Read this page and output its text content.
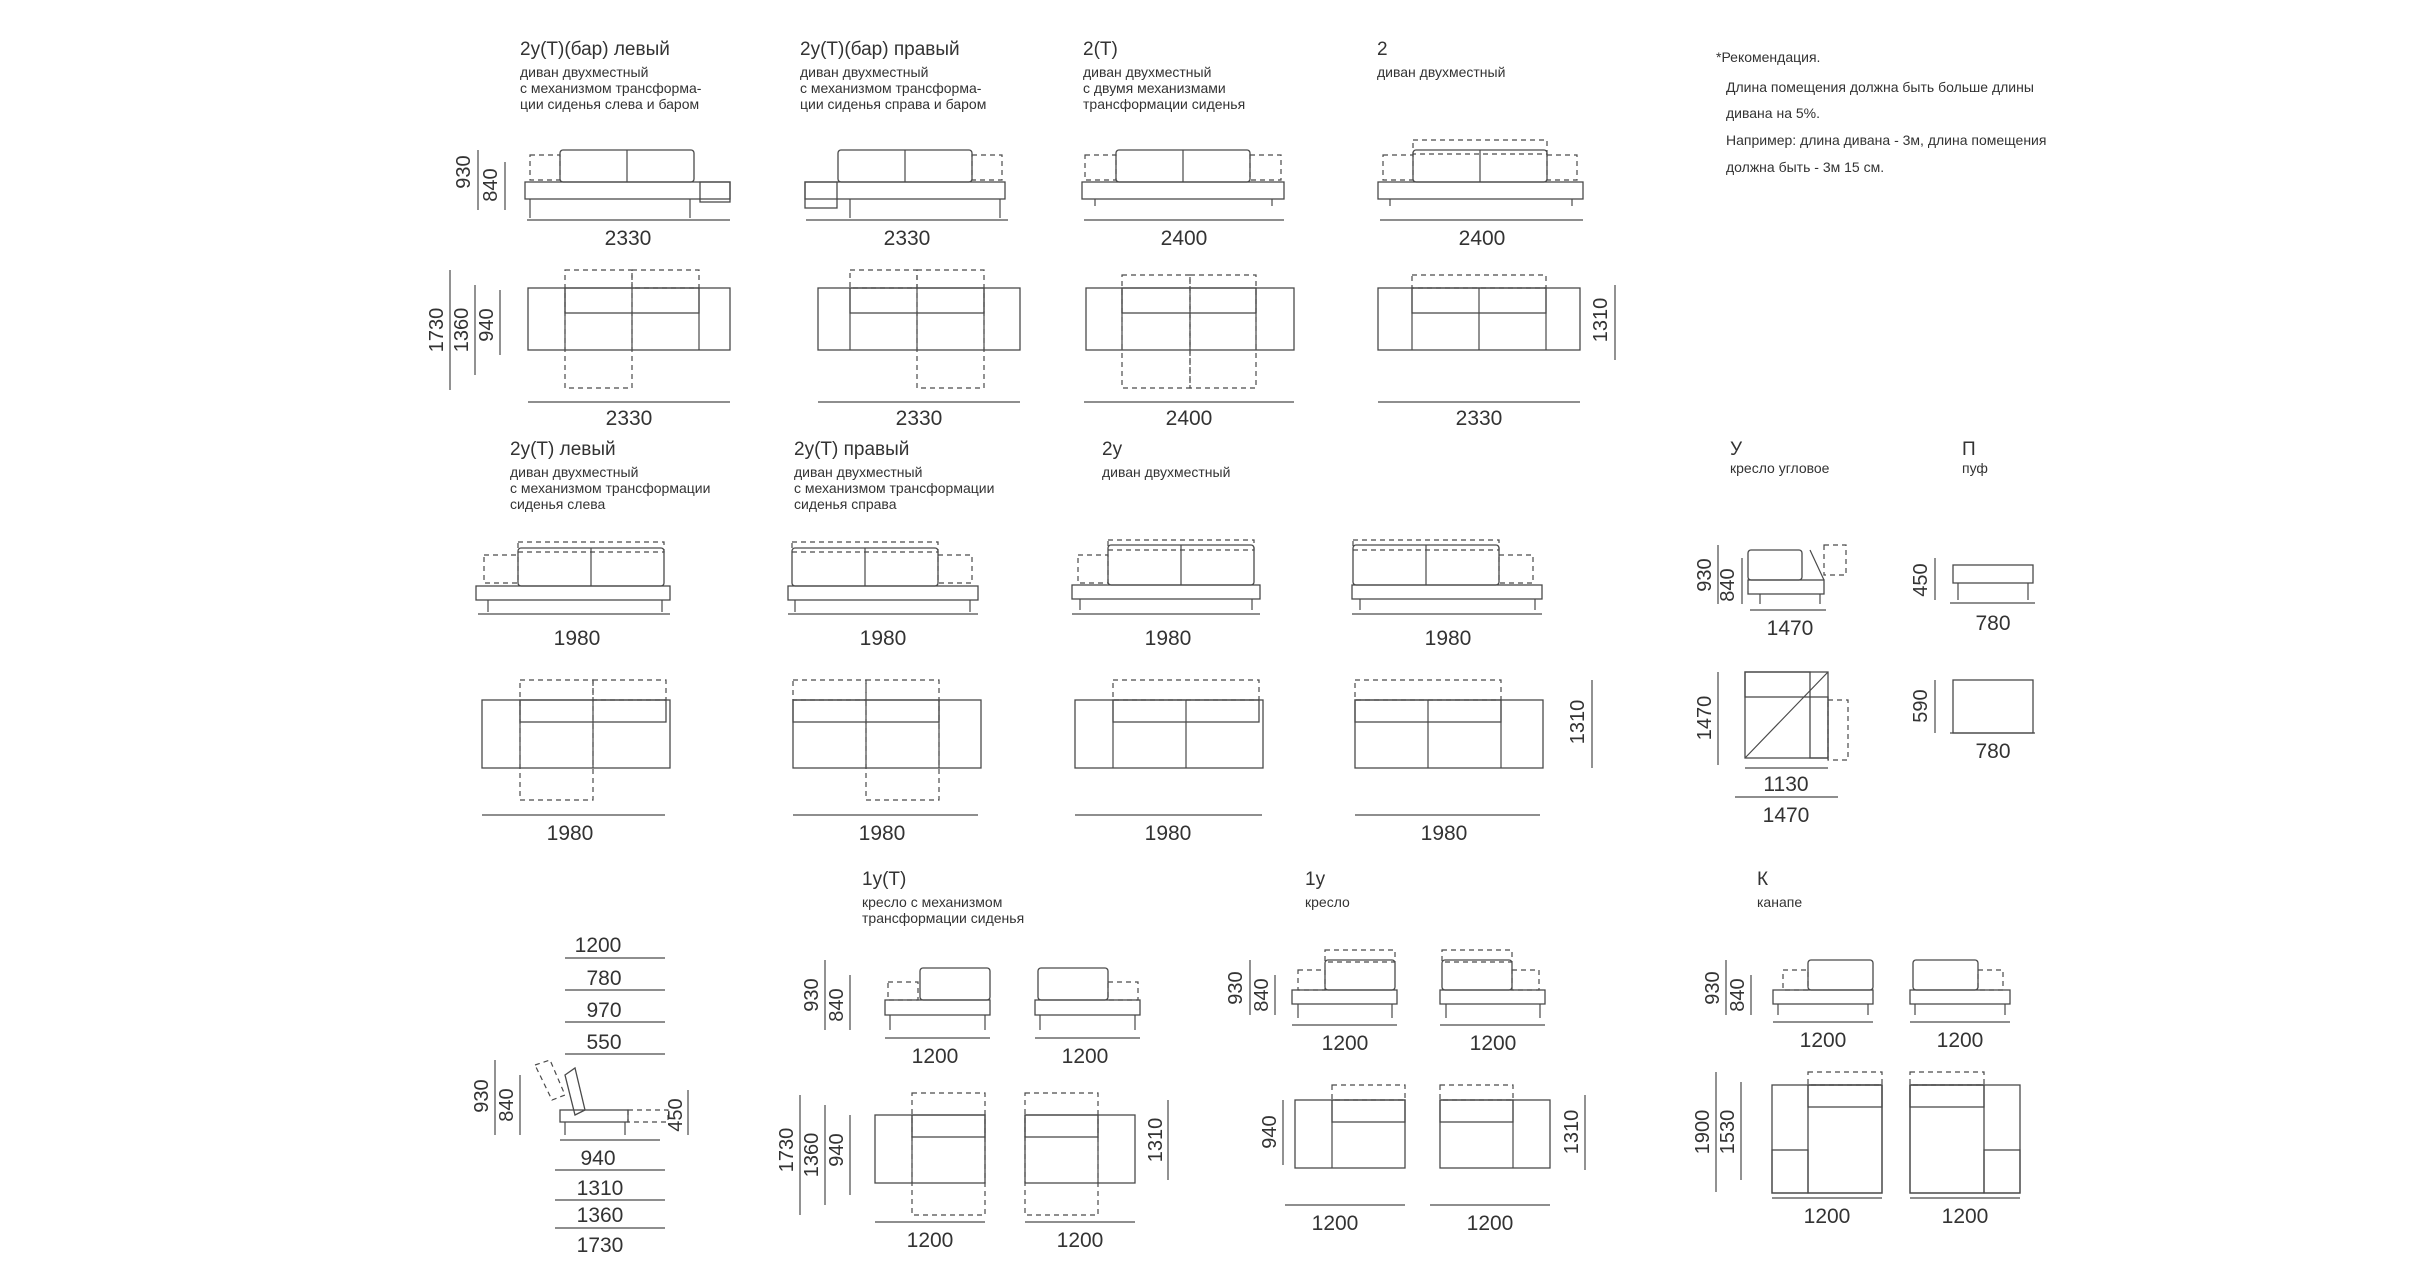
*Рекомендация.
Длина помещения должна быть больше длины
дивана на 5%.
Например: длина дивана - 3м, длина помещения
должна быть - 3м 15 см.
2у(Т)(бар) левый
диван двухместный
с механизмом трансформа-
ции сиденья слева и баром
2у(Т)(бар) правый
диван двухместный
с механизмом трансформа-
ции сиденья справа и баром
2(Т)
диван двухместный
с двумя механизмами
трансформации сиденья
2
диван двухместный
930 840
2330	2330	2400	2400
1730 1360 940	1310
2330	2330	2400	2330
2у(Т) левый
диван двухместный
с механизмом трансформации
сиденья слева
2у(Т) правый
диван двухместный
с механизмом трансформации
сиденья справа
2у
диван двухместный
1980	1980	1980	1980
1980	1980	1980	1980
1310
У
кресло угловое
930 840
1470
1470
1130
1470
П
пуф
450
780
590
780
1200
780
970
550
930 840	450
940
1310
1360
1730
1у(Т)
кресло с механизмом
трансформации сиденья
930 840
1200	1200
1730 1360 940
1200	1200
1310
1у
кресло
930 840
1200	1200
940
1200	1200
1310
К
канапе
930 840
1200	1200
1900 1530
1200	1200
